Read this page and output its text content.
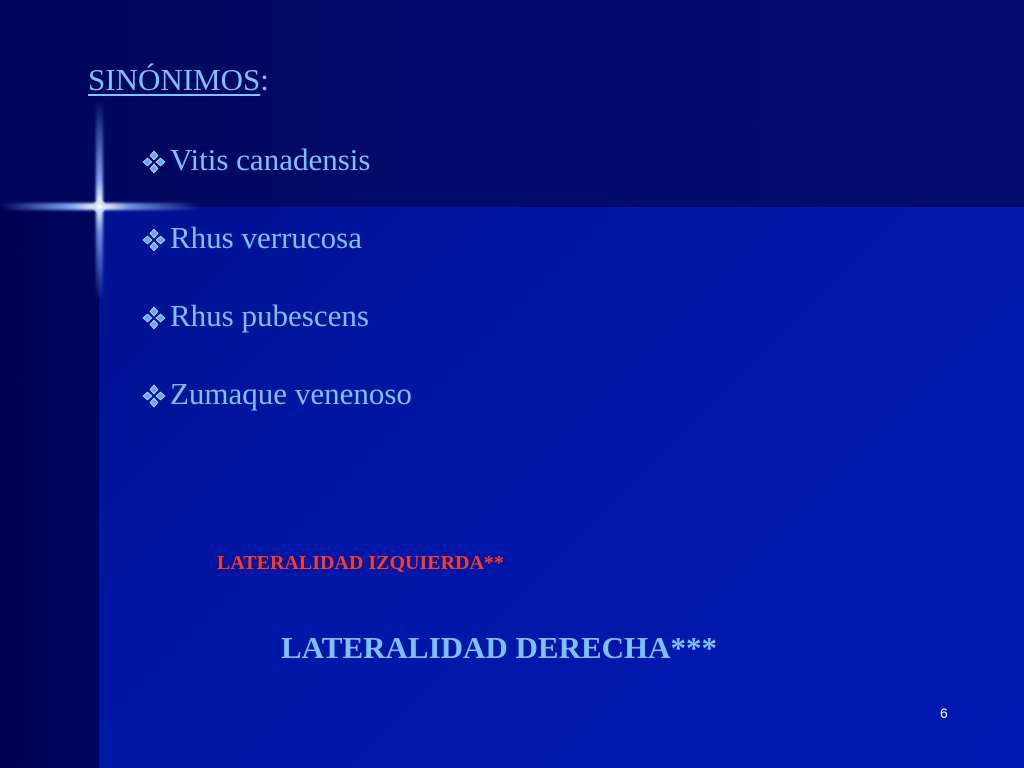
SINÓNIMOS:
Vitis canadensis
Rhus verrucosa
Rhus pubescens
Zumaque venenoso
LATERALIDAD IZQUIERDA**
LATERALIDAD DERECHA***
6
